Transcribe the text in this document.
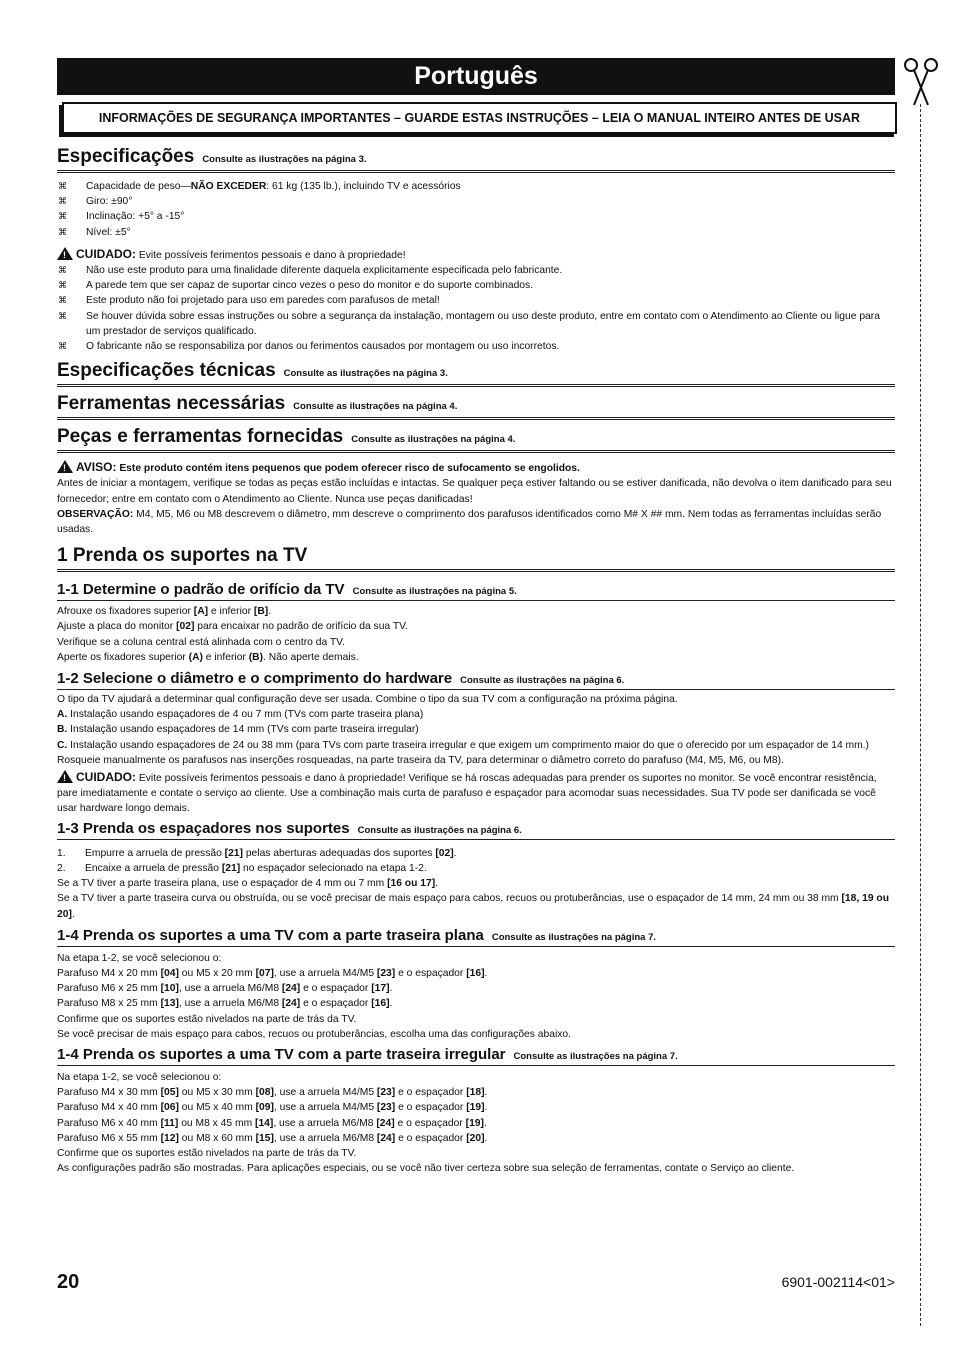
Português
INFORMAÇÕES DE SEGURANÇA IMPORTANTES – GUARDE ESTAS INSTRUÇÕES – LEIA O MANUAL INTEIRO ANTES DE USAR
Especificações Consulte as ilustrações na página 3.
⌘ Capacidade de peso—NÃO EXCEDER: 61 kg (135 lb.), incluindo TV e acessórios
⌘ Giro: ±90°
⌘ Inclinação: +5° a -15°
⌘ Nível: ±5°
!CUIDADO: Evite possíveis ferimentos pessoais e dano à propriedade!
⌘ Não use este produto para uma finalidade diferente daquela explicitamente especificada pelo fabricante.
⌘ A parede tem que ser capaz de suportar cinco vezes o peso do monitor e do suporte combinados.
⌘ Este produto não foi projetado para uso em paredes com parafusos de metal!
⌘ Se houver dúvida sobre essas instruções ou sobre a segurança da instalação, montagem ou uso deste produto, entre em contato com o Atendimento ao Cliente ou ligue para um prestador de serviços qualificado.
⌘ O fabricante não se responsabiliza por danos ou ferimentos causados por montagem ou uso incorretos.
Especificações técnicas Consulte as ilustrações na página 3.
Ferramentas necessárias Consulte as ilustrações na página 4.
Peças e ferramentas fornecidas Consulte as ilustrações na página 4.
!AVISO: Este produto contém itens pequenos que podem oferecer risco de sufocamento se engolidos.
Antes de iniciar a montagem, verifique se todas as peças estão incluídas e intactas. Se qualquer peça estiver faltando ou se estiver danificada, não devolva o item danificado para seu fornecedor; entre em contato com o Atendimento ao Cliente. Nunca use peças danificadas!
OBSERVAÇÃO: M4, M5, M6 ou M8 descrevem o diâmetro, mm descreve o comprimento dos parafusos identificados como M# X ## mm. Nem todas as ferramentas incluídas serão usadas.
1 Prenda os suportes na TV
1-1 Determine o padrão de orifício da TV Consulte as ilustrações na página 5.
Afrouxe os fixadores superior [A] e inferior [B].
Ajuste a placa do monitor [02] para encaixar no padrão de orifício da sua TV.
Verifique se a coluna central está alinhada com o centro da TV.
Aperte os fixadores superior (A) e inferior (B). Não aperte demais.
1-2 Selecione o diâmetro e o comprimento do hardware Consulte as ilustrações na página 6.
O tipo da TV ajudará a determinar qual configuração deve ser usada. Combine o tipo da sua TV com a configuração na próxima página.
A. Instalação usando espaçadores de 4 ou 7 mm (TVs com parte traseira plana)
B. Instalação usando espaçadores de 14 mm (TVs com parte traseira irregular)
C. Instalação usando espaçadores de 24 ou 38 mm (para TVs com parte traseira irregular e que exigem um comprimento maior do que o oferecido por um espaçador de 14 mm.)
Rosqueie manualmente os parafusos nas inserções rosqueadas, na parte traseira da TV, para determinar o diâmetro correto do parafuso (M4, M5, M6, ou M8).
!CUIDADO: Evite possíveis ferimentos pessoais e dano à propriedade! Verifique se há roscas adequadas para prender os suportes no monitor. Se você encontrar resistência, pare imediatamente e contate o serviço ao cliente. Use a combinação mais curta de parafuso e espaçador para acomodar suas necessidades. Sua TV pode ser danificada se você usar hardware longo demais.
1-3 Prenda os espaçadores nos suportes Consulte as ilustrações na página 6.
1. Empurre a arruela de pressão [21] pelas aberturas adequadas dos suportes [02].
2. Encaixe a arruela de pressão [21] no espaçador selecionado na etapa 1-2.
Se a TV tiver a parte traseira plana, use o espaçador de 4 mm ou 7 mm [16 ou 17].
Se a TV tiver a parte traseira curva ou obstruída, ou se você precisar de mais espaço para cabos, recuos ou protuberâncias, use o espaçador de 14 mm, 24 mm ou 38 mm [18, 19 ou 20].
1-4 Prenda os suportes a uma TV com a parte traseira plana Consulte as ilustrações na página 7.
Na etapa 1-2, se você selecionou o:
Parafuso M4 x 20 mm [04] ou M5 x 20 mm [07], use a arruela M4/M5 [23] e o espaçador [16].
Parafuso M6 x 25 mm [10], use a arruela M6/M8 [24] e o espaçador [17].
Parafuso M8 x 25 mm [13], use a arruela M6/M8 [24] e o espaçador [16].
Confirme que os suportes estão nivelados na parte de trás da TV.
Se você precisar de mais espaço para cabos, recuos ou protuberâncias, escolha uma das configurações abaixo.
1-4 Prenda os suportes a uma TV com a parte traseira irregular Consulte as ilustrações na página 7.
Na etapa 1-2, se você selecionou o:
Parafuso M4 x 30 mm [05] ou M5 x 30 mm [08], use a arruela M4/M5 [23] e o espaçador [18].
Parafuso M4 x 40 mm [06] ou M5 x 40 mm [09], use a arruela M4/M5 [23] e o espaçador [19].
Parafuso M6 x 40 mm [11] ou M8 x 45 mm [14], use a arruela M6/M8 [24] e o espaçador [19].
Parafuso M6 x 55 mm [12] ou M8 x 60 mm [15], use a arruela M6/M8 [24] e o espaçador [20].
Confirme que os suportes estão nivelados na parte de trás da TV.
As configurações padrão são mostradas. Para aplicações especiais, ou se você não tiver certeza sobre sua seleção de ferramentas, contate o Serviço ao cliente.
20	6901-002114<01>
